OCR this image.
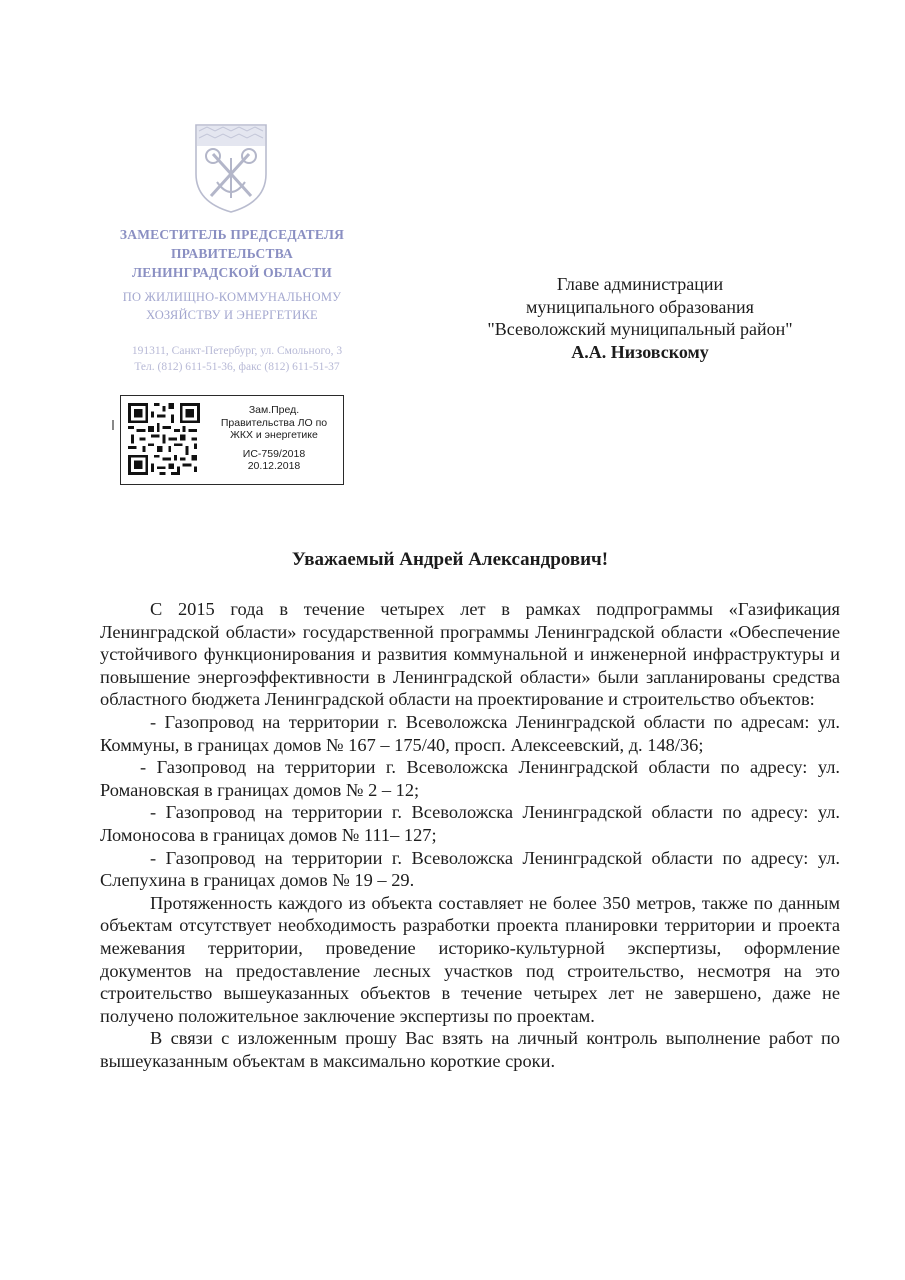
ЗАМЕСТИТЕЛЬ ПРЕДСЕДАТЕЛЯ
ПРАВИТЕЛЬСТВА
ЛЕНИНГРАДСКОЙ ОБЛАСТИ
ПО ЖИЛИЩНО-КОММУНАЛЬНОМУ
ХОЗЯЙСТВУ И ЭНЕРГЕТИКЕ
191311, Санкт-Петербург, ул. Смольного, 3
Тел. (812) 611-51-36, факс (812) 611-51-37
Зам.Пред.
Правительства ЛО по
ЖКХ и энергетике
ИС-759/2018
20.12.2018
Главе администрации
муниципального образования
"Всеволожский муниципальный район"
А.А. Низовскому
Уважаемый Андрей Александрович!

С 2015 года в течение четырех лет в рамках подпрограммы «Газификация Ленинградской области» государственной программы Ленинградской области «Обеспечение устойчивого функционирования и развития коммунальной и инженерной инфраструктуры и повышение энергоэффективности в Ленинградской области» были запланированы средства областного бюджета Ленинградской области на проектирование и строительство объектов:

- Газопровод на территории г. Всеволожска Ленинградской области по адресам: ул. Коммуны, в границах домов № 167 – 175/40, просп. Алексеевский, д. 148/36;

- Газопровод на территории г. Всеволожска Ленинградской области по адресу: ул. Романовская в границах домов № 2 – 12;

- Газопровод на территории г. Всеволожска Ленинградской области по адресу: ул. Ломоносова в границах домов № 111– 127;

- Газопровод на территории г. Всеволожска Ленинградской области по адресу: ул. Слепухина в границах домов № 19 – 29.

Протяженность каждого из объекта составляет не более 350 метров, также по данным объектам отсутствует необходимость разработки проекта планировки территории и проекта межевания территории, проведение историко-культурной экспертизы, оформление документов на предоставление лесных участков под строительство, несмотря на это строительство вышеуказанных объектов в течение четырех лет не завершено, даже не получено положительное заключение экспертизы по проектам.

В связи с изложенным прошу Вас взять на личный контроль выполнение работ по вышеуказанным объектам в максимально короткие сроки.
